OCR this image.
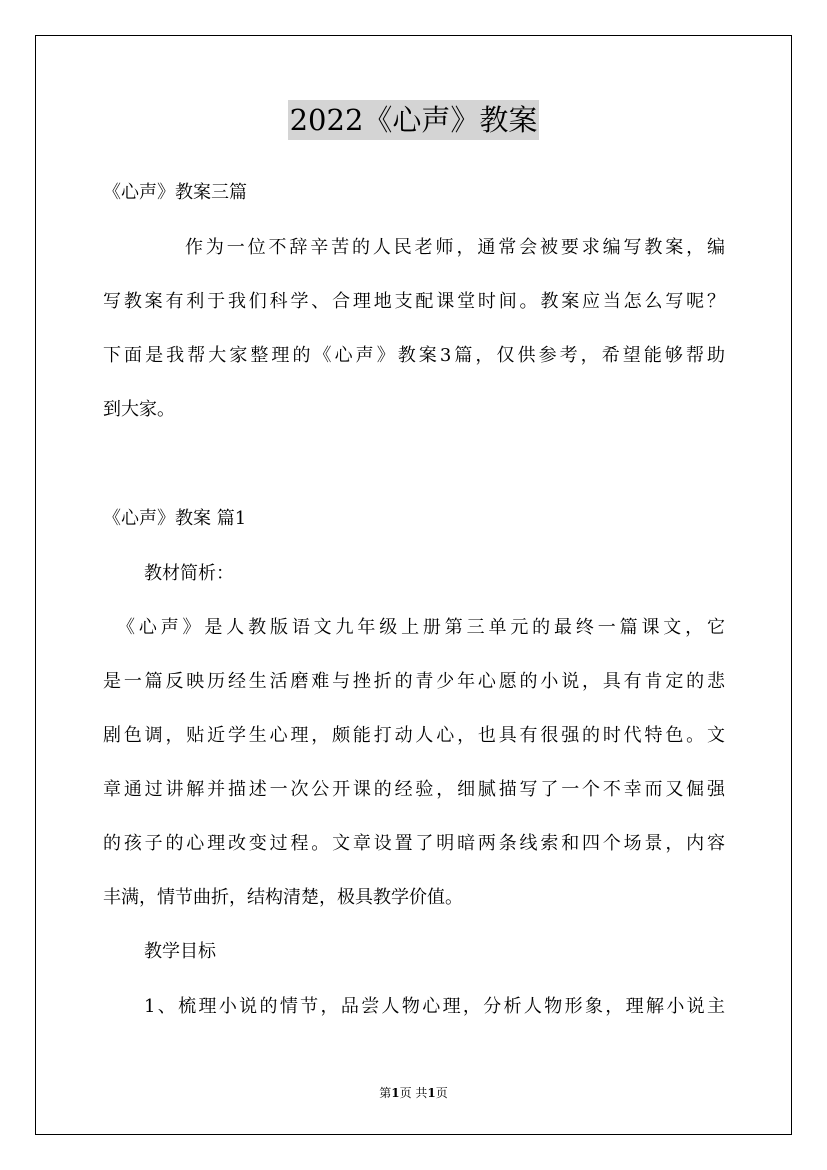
2022《心声》教案
《心声》教案三篇
作为一位不辞辛苦的人民老师，通常会被要求编写教案，编
写教案有利于我们科学、合理地支配课堂时间。教案应当怎么写呢？
下面是我帮大家整理的《心声》教案3篇，仅供参考，希望能够帮助
到大家。
《心声》教案 篇1
教材简析：
《心声》是人教版语文九年级上册第三单元的最终一篇课文，它
是一篇反映历经生活磨难与挫折的青少年心愿的小说，具有肯定的悲
剧色调，贴近学生心理，颇能打动人心，也具有很强的时代特色。文
章通过讲解并描述一次公开课的经验，细腻描写了一个不幸而又倔强
的孩子的心理改变过程。文章设置了明暗两条线索和四个场景，内容
丰满，情节曲折，结构清楚，极具教学价值。
教学目标
1、梳理小说的情节，品尝人物心理，分析人物形象，理解小说主
第1页 共1页
